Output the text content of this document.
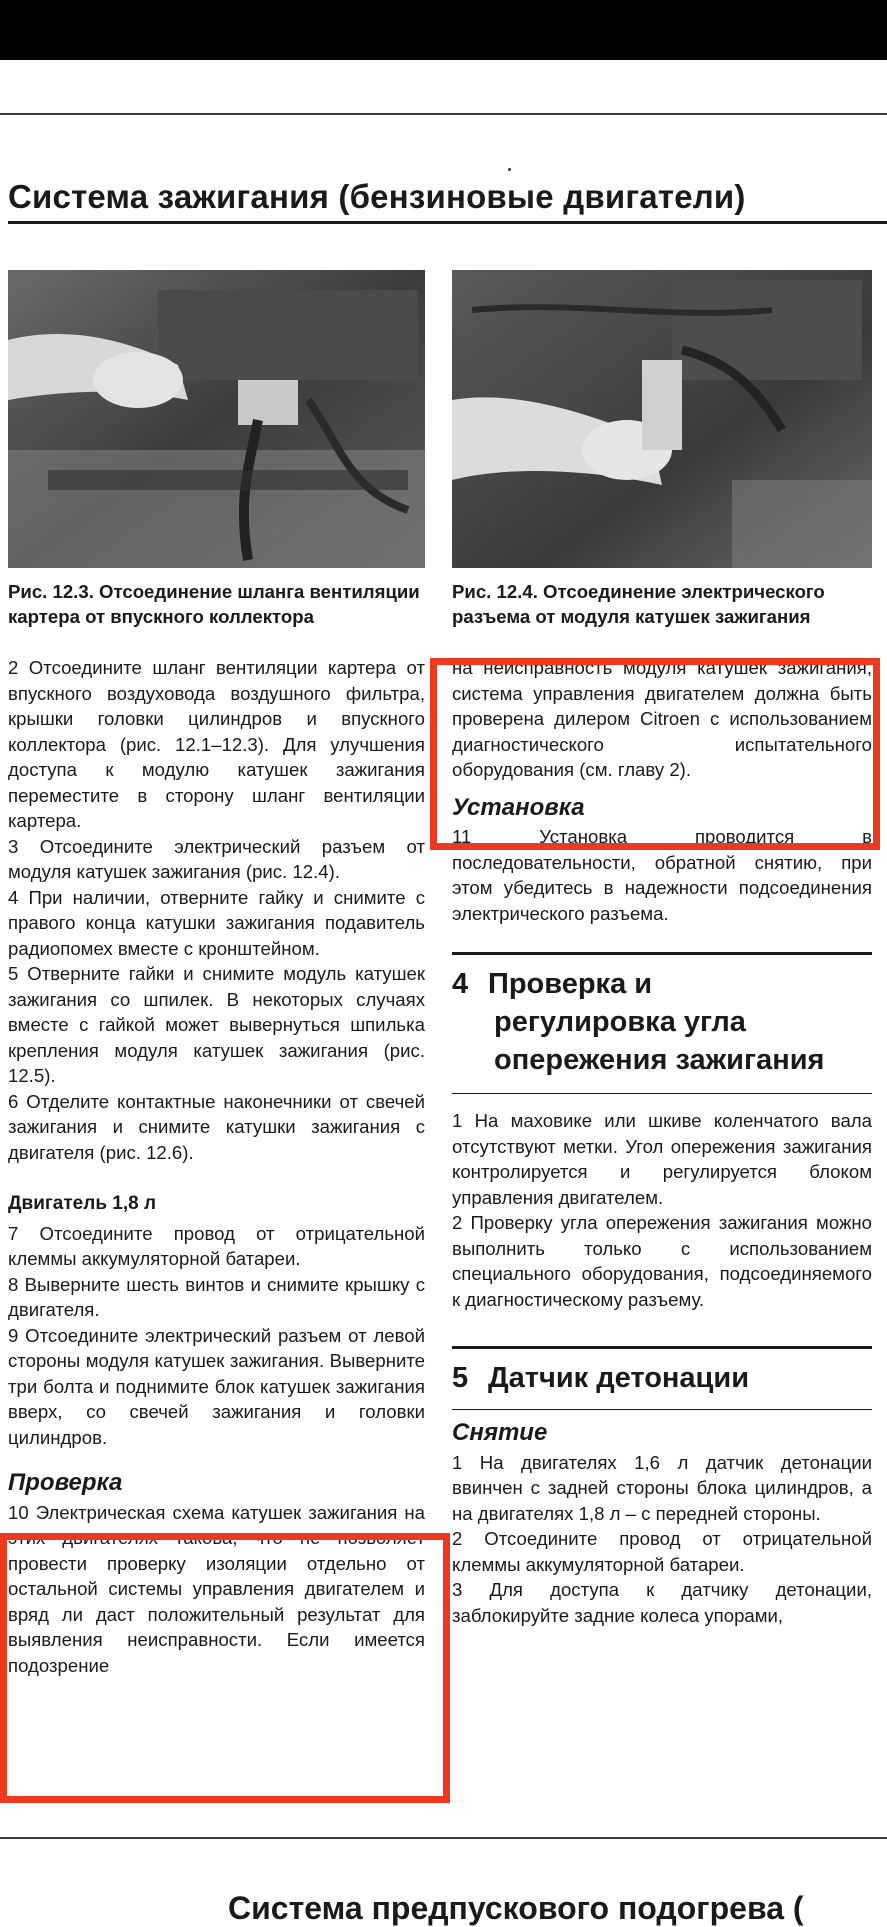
Система зажигания (бензиновые двигатели)
Рис. 12.3. Отсоединение шланга вентиляции картера от впускного коллектора

2 Отсоедините шланг вентиляции картера от впускного воздуховода воздушного фильтра, крышки головки цилиндров и впускного коллектора (рис. 12.1–12.3). Для улучшения доступа к модулю катушек зажигания переместите в сторону шланг вентиляции картера.

3 Отсоедините электрический разъем от модуля катушек зажигания (рис. 12.4).

4 При наличии, отверните гайку и снимите с правого конца катушки зажигания подавитель радиопомех вместе с кронштейном.

5 Отверните гайки и снимите модуль катушек зажигания со шпилек. В некоторых случаях вместе с гайкой может вывернуться шпилька крепления модуля катушек зажигания (рис. 12.5).

6 Отделите контактные наконечники от свечей зажигания и снимите катушки зажигания с двигателя (рис. 12.6).

Двигатель 1,8 л

7 Отсоедините провод от отрицательной клеммы аккумуляторной батареи.

8 Выверните шесть винтов и снимите крышку с двигателя.

9 Отсоедините электрический разъем от левой стороны модуля катушек зажигания. Выверните три болта и поднимите блок катушек зажигания вверх, со свечей зажигания и головки цилиндров.

Проверка

10 Электрическая схема катушек зажигания на этих двигателях такова, что не позволяет провести проверку изоляции отдельно от остальной системы управления двигателем и вряд ли даст положительный результат для выявления неисправности. Если имеется подозрение

Рис. 12.4. Отсоединение электрического разъема от модуля катушек зажигания

на неисправность модуля катушек зажигания, система управления двигателем должна быть проверена дилером Citroen с использованием диагностического испытательного оборудования (см. главу 2).

Установка

11 Установка проводится в последовательности, обратной снятию, при этом убедитесь в надежности подсоединения электрического разъема.

4 Проверка и
регулировка угла
опережения зажигания

1 На маховике или шкиве коленчатого вала отсутствуют метки. Угол опережения зажигания контролируется и регулируется блоком управления двигателем.

2 Проверку угла опережения зажигания можно выполнить только с использованием специального оборудования, подсоединяемого к диагностическому разъему.

5 Датчик детонации
Снятие

1 На двигателях 1,6 л датчик детонации ввинчен с задней стороны блока цилиндров, а на двигателях 1,8 л – с передней стороны.

2 Отсоедините провод от отрицательной клеммы аккумуляторной батареи.

3 Для доступа к датчику детонации, заблокируйте задние колеса упорами,

Система предпускового подогрева (
